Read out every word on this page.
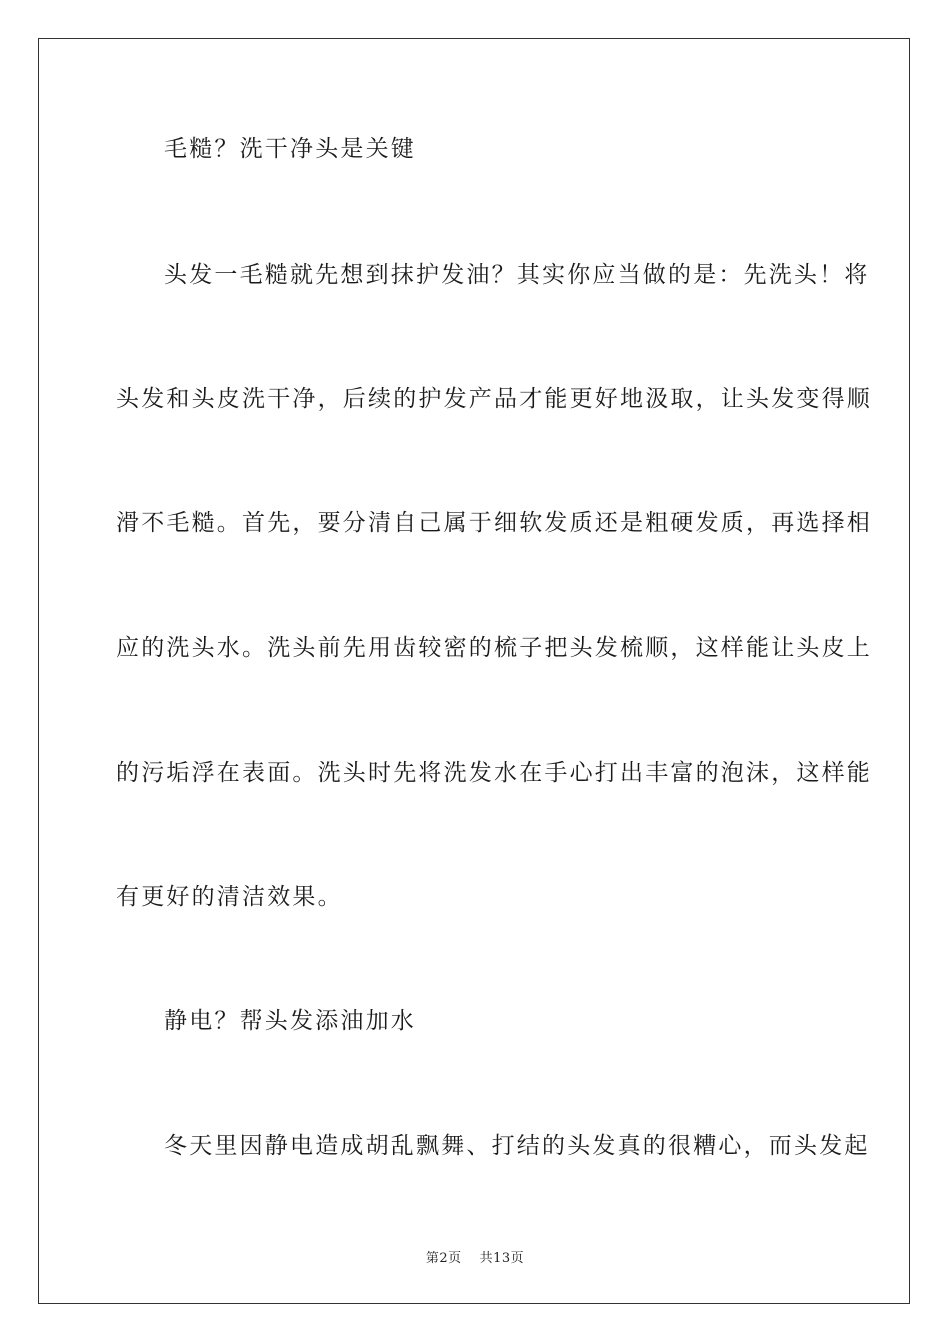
毛糙？洗干净头是关键
头发一毛糙就先想到抹护发油？其实你应当做的是：先洗头！将
头发和头皮洗干净，后续的护发产品才能更好地汲取，让头发变得顺
滑不毛糙。首先，要分清自己属于细软发质还是粗硬发质，再选择相
应的洗头水。洗头前先用齿较密的梳子把头发梳顺，这样能让头皮上
的污垢浮在表面。洗头时先将洗发水在手心打出丰富的泡沫，这样能
有更好的清洁效果。
静电？帮头发添油加水
冬天里因静电造成胡乱飘舞、打结的头发真的很糟心，而头发起
第2页 共13页
